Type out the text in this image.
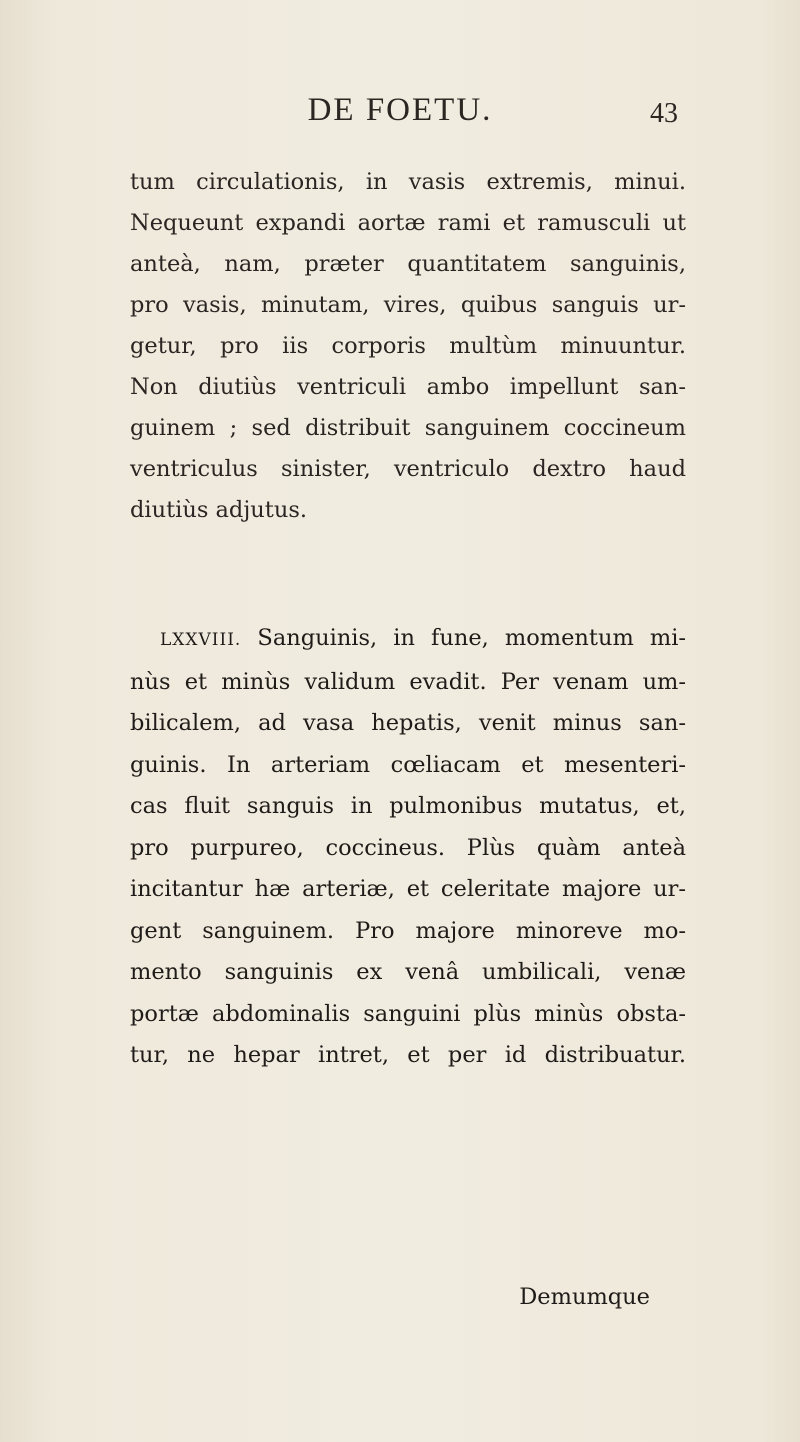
DE FOETU.	43
tum circulationis, in vasis extremis, minui.
Nequeunt expandi aortæ rami et ramusculi ut
anteà, nam, præter quantitatem sanguinis,
pro vasis, minutam, vires, quibus sanguis ur-
getur, pro iis corporis multùm minuuntur.
Non diutiùs ventriculi ambo impellunt san-
guinem ; sed distribuit sanguinem coccineum
ventriculus sinister, ventriculo dextro haud
diutiùs adjutus.
LXXVIII. Sanguinis, in fune, momentum mi-
nùs et minùs validum evadit. Per venam um-
bilicalem, ad vasa hepatis, venit minus san-
guinis. In arteriam cœliacam et mesenteri-
cas fluit sanguis in pulmonibus mutatus, et,
pro purpureo, coccineus. Plùs quàm anteà
incitantur hæ arteriæ, et celeritate majore ur-
gent sanguinem. Pro majore minoreve mo-
mento sanguinis ex venâ umbilicali, venæ
portæ abdominalis sanguini plùs minùs obsta-
tur, ne hepar intret, et per id distribuatur.
Demumque
